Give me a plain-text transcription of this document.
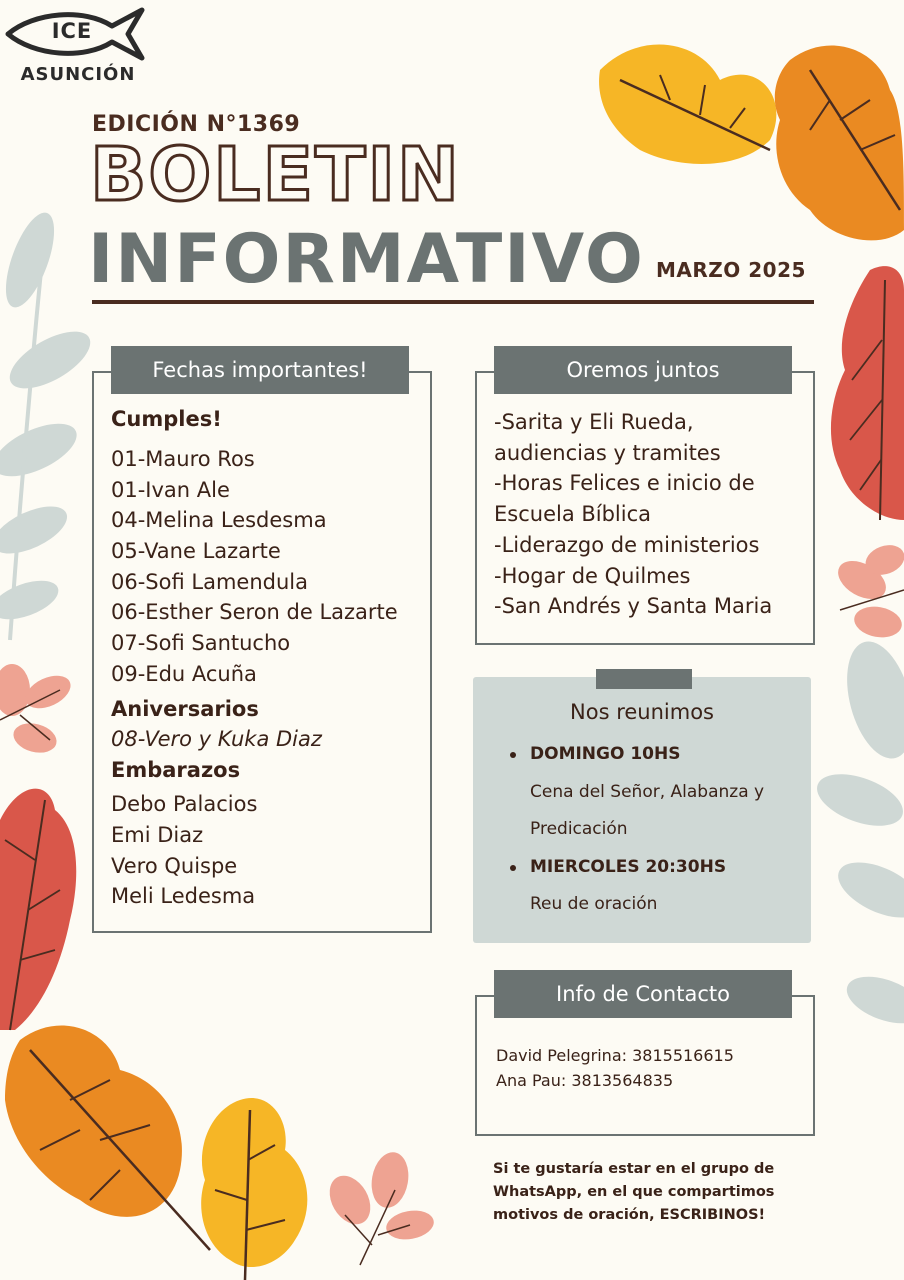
ICE
ASUNCIÓN
EDICIÓN N°1369
BOLETIN
INFORMATIVO MARZO 2025
Fechas importantes!
Cumples!
01-Mauro Ros
01-Ivan Ale
04-Melina Lesdesma
05-Vane Lazarte
06-Sofi Lamendula
06-Esther Seron de Lazarte
07-Sofi Santucho
09-Edu Acuña
Aniversarios
08-Vero y Kuka Diaz
Embarazos
Debo Palacios
Emi Diaz
Vero Quispe
Meli Ledesma
Oremos juntos
-Sarita y Eli Rueda,
audiencias y tramites
-Horas Felices e inicio de
Escuela Bíblica
-Liderazgo de ministerios
-Hogar de Quilmes
-San Andrés y Santa Maria
Nos reunimos
DOMINGO 10HS
Cena del Señor, Alabanza y
Predicación
MIERCOLES 20:30HS
Reu de oración
Info de Contacto
David Pelegrina: 3815516615
Ana Pau: 3813564835
Si te gustaría estar en el grupo de WhatsApp, en el que compartimos motivos de oración, ESCRIBINOS!
